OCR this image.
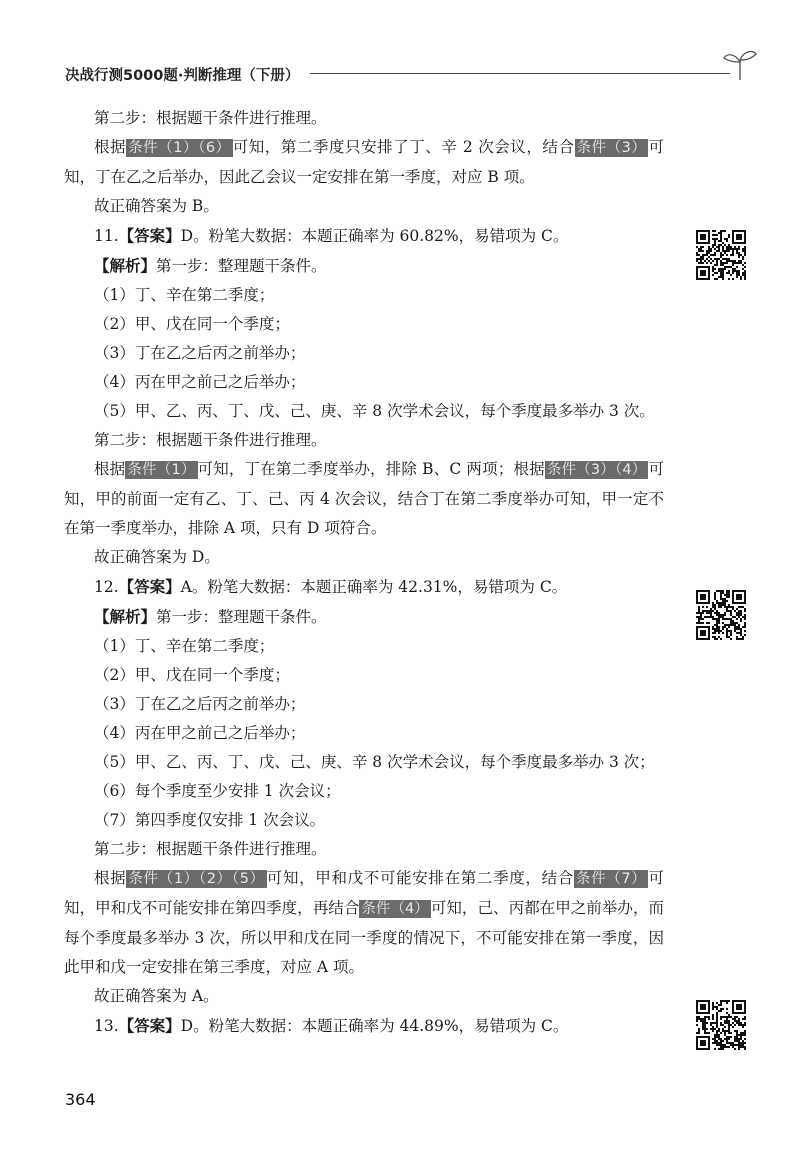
决战行测5000题·判断推理（下册）

第二步：根据题干条件进行推理。

根据 条件（1）（6） 可知，第二季度只安排了丁、辛 2 次会议，结合 条件（3） 可知，丁在乙之后举办，因此乙会议一定安排在第一季度，对应 B 项。

故正确答案为 B。

11.【答案】D。粉笔大数据：本题正确率为 60.82%，易错项为 C。

【解析】第一步：整理题干条件。

（1）丁、辛在第二季度；

（2）甲、戊在同一个季度；

（3）丁在乙之后丙之前举办；

（4）丙在甲之前己之后举办；

（5）甲、乙、丙、丁、戊、己、庚、辛 8 次学术会议，每个季度最多举办 3 次。

第二步：根据题干条件进行推理。

根据 条件（1） 可知，丁在第二季度举办，排除 B、C 两项；根据 条件（3）（4） 可知，甲的前面一定有乙、丁、己、丙 4 次会议，结合丁在第二季度举办可知，甲一定不在第一季度举办，排除 A 项，只有 D 项符合。

故正确答案为 D。

12.【答案】A。粉笔大数据：本题正确率为 42.31%，易错项为 C。

【解析】第一步：整理题干条件。

（1）丁、辛在第二季度；

（2）甲、戊在同一个季度；

（3）丁在乙之后丙之前举办；

（4）丙在甲之前己之后举办；

（5）甲、乙、丙、丁、戊、己、庚、辛 8 次学术会议，每个季度最多举办 3 次；

（6）每个季度至少安排 1 次会议；

（7）第四季度仅安排 1 次会议。

第二步：根据题干条件进行推理。

根据 条件（1）（2）（5） 可知，甲和戊不可能安排在第二季度，结合 条件（7） 可知，甲和戊不可能安排在第四季度，再结合 条件（4） 可知，己、丙都在甲之前举办，而每个季度最多举办 3 次，所以甲和戊在同一季度的情况下，不可能安排在第一季度，因此甲和戊一定安排在第三季度，对应 A 项。

故正确答案为 A。

13.【答案】D。粉笔大数据：本题正确率为 44.89%，易错项为 C。

364
